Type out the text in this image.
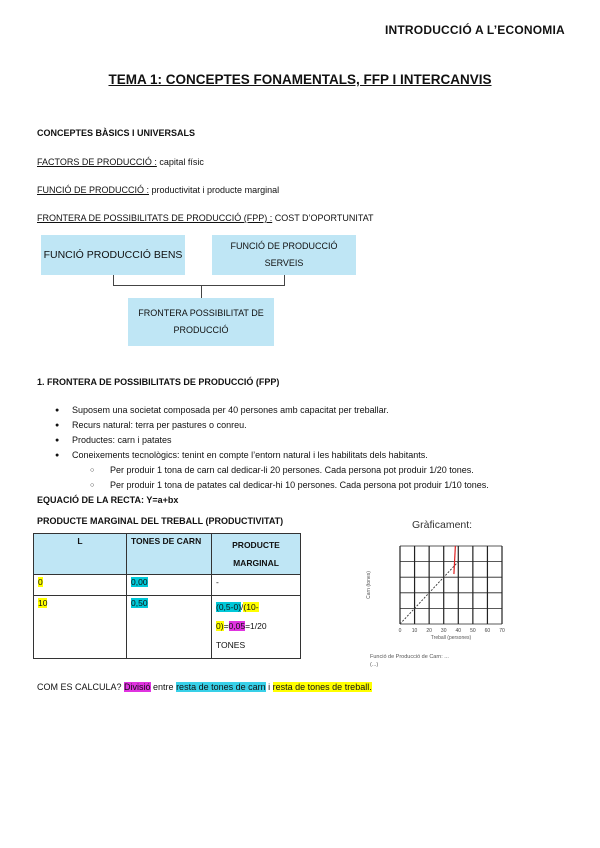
INTRODUCCIÓ A L’ECONOMIA
TEMA 1: CONCEPTES FONAMENTALS, FFP I INTERCANVIS
CONCEPTES BÀSICS I UNIVERSALS
FACTORS DE PRODUCCIÓ : capital físic
FUNCIÓ DE PRODUCCIÓ : productivitat i producte marginal
FRONTERA DE POSSIBILITATS DE PRODUCCIÓ (FPP) : COST D’OPORTUNITAT
FUNCIÓ PRODUCCIÓ BENS
FUNCIÓ DE PRODUCCIÓ SERVEIS
FRONTERA POSSIBILITAT DE PRODUCCIÓ
1. FRONTERA DE POSSIBILITATS DE PRODUCCIÓ (FPP)
● Suposem una societat composada per 40 persones amb capacitat per treballar.
● Recurs natural: terra per pastures o conreu.
● Productes: carn i patates
● Coneixements tecnològics: tenint en compte l’entorn natural i les habilitats dels habitants.
○ Per produir 1 tona de carn cal dedicar-li 20 persones. Cada persona pot produir 1/20 tones.
○ Per produir 1 tona de patates cal dedicar-hi 10 persones. Cada persona pot produir 1/10 tones.
EQUACIÓ DE LA RECTA: Y=a+bx
PRODUCTE MARGINAL DEL TREBALL (PRODUCTIVITAT)
L	TONES DE CARN	PRODUCTE MARGINAL
0	0,00	-
10	0,50	(0,5-0) (10-0)=0,05=1/20
TONES
Gràficament:
0 10 20 30 40 50 60 70
Treball (persones)
Carn (tones)
Funció de Producció de Carn: ...
(...)
COM ES CALCULA? Divisió entre resta de tones de carn i resta de tones de treball.
